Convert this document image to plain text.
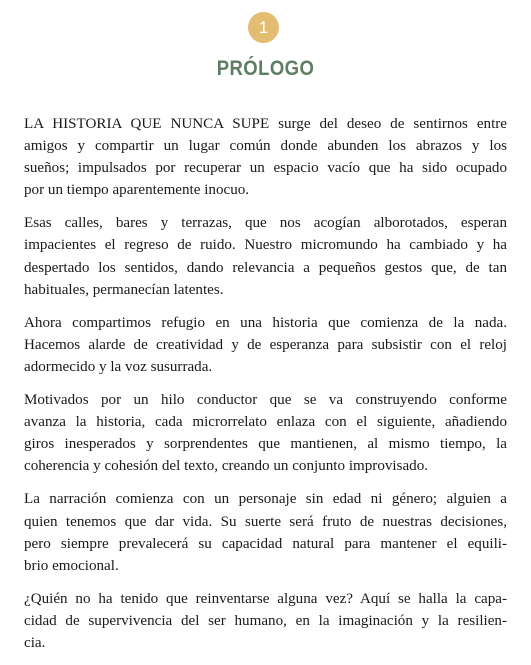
1
PRÓLOGO

LA HISTORIA QUE NUNCA SUPE surge del deseo de sentirnos entre
amigos y compartir un lugar común donde abunden los abrazos y los
sueños; impulsados por recuperar un espacio vacío que ha sido ocupado
por un tiempo aparentemente inocuo.

Esas calles, bares y terrazas, que nos acogían alborotados, esperan
impacientes el regreso de ruido. Nuestro micromundo ha cambiado y ha
despertado los sentidos, dando relevancia a pequeños gestos que, de tan
habituales, permanecían latentes.

Ahora compartimos refugio en una historia que comienza de la nada.
Hacemos alarde de creatividad y de esperanza para subsistir con el reloj
adormecido y la voz susurrada.

Motivados por un hilo conductor que se va construyendo conforme
avanza la historia, cada microrrelato enlaza con el siguiente, añadiendo
giros inesperados y sorprendentes que mantienen, al mismo tiempo, la
coherencia y cohesión del texto, creando un conjunto improvisado.

La narración comienza con un personaje sin edad ni género; alguien a
quien tenemos que dar vida. Su suerte será fruto de nuestras decisiones,
pero siempre prevalecerá su capacidad natural para mantener el equili-
brio emocional.

¿Quién no ha tenido que reinventarse alguna vez? Aquí se halla la capa-
cidad de supervivencia del ser humano, en la imaginación y la resilien-
cia.
